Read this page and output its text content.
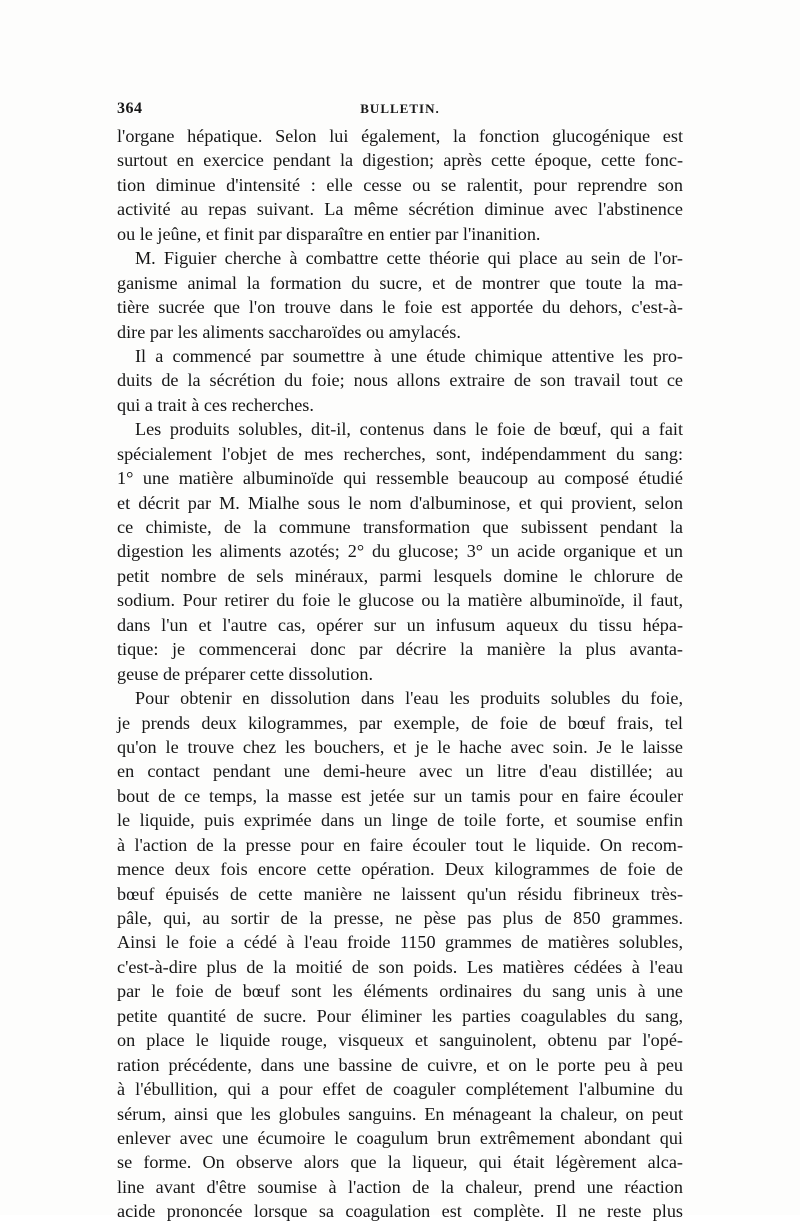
364	BULLETIN.
l'organe hépatique. Selon lui également, la fonction glucogénique est
surtout en exercice pendant la digestion; après cette époque, cette fonc-
tion diminue d'intensité : elle cesse ou se ralentit, pour reprendre son
activité au repas suivant. La même sécrétion diminue avec l'abstinence
ou le jeûne, et finit par disparaître en entier par l'inanition.
M. Figuier cherche à combattre cette théorie qui place au sein de l'or-
ganisme animal la formation du sucre, et de montrer que toute la ma-
tière sucrée que l'on trouve dans le foie est apportée du dehors, c'est-à-
dire par les aliments saccharoïdes ou amylacés.
Il a commencé par soumettre à une étude chimique attentive les pro-
duits de la sécrétion du foie; nous allons extraire de son travail tout ce
qui a trait à ces recherches.
Les produits solubles, dit-il, contenus dans le foie de bœuf, qui a fait
spécialement l'objet de mes recherches, sont, indépendamment du sang:
1° une matière albuminoïde qui ressemble beaucoup au composé étudié
et décrit par M. Mialhe sous le nom d'albuminose, et qui provient, selon
ce chimiste, de la commune transformation que subissent pendant la
digestion les aliments azotés; 2° du glucose; 3° un acide organique et un
petit nombre de sels minéraux, parmi lesquels domine le chlorure de
sodium. Pour retirer du foie le glucose ou la matière albuminoïde, il faut,
dans l'un et l'autre cas, opérer sur un infusum aqueux du tissu hépa-
tique: je commencerai donc par décrire la manière la plus avanta-
geuse de préparer cette dissolution.
Pour obtenir en dissolution dans l'eau les produits solubles du foie,
je prends deux kilogrammes, par exemple, de foie de bœuf frais, tel
qu'on le trouve chez les bouchers, et je le hache avec soin. Je le laisse
en contact pendant une demi-heure avec un litre d'eau distillée; au
bout de ce temps, la masse est jetée sur un tamis pour en faire écouler
le liquide, puis exprimée dans un linge de toile forte, et soumise enfin
à l'action de la presse pour en faire écouler tout le liquide. On recom-
mence deux fois encore cette opération. Deux kilogrammes de foie de
bœuf épuisés de cette manière ne laissent qu'un résidu fibrineux très-
pâle, qui, au sortir de la presse, ne pèse pas plus de 850 grammes.
Ainsi le foie a cédé à l'eau froide 1150 grammes de matières solubles,
c'est-à-dire plus de la moitié de son poids. Les matières cédées à l'eau
par le foie de bœuf sont les éléments ordinaires du sang unis à une
petite quantité de sucre. Pour éliminer les parties coagulables du sang,
on place le liquide rouge, visqueux et sanguinolent, obtenu par l'opé-
ration précédente, dans une bassine de cuivre, et on le porte peu à peu
à l'ébullition, qui a pour effet de coaguler complétement l'albumine du
sérum, ainsi que les globules sanguins. En ménageant la chaleur, on peut
enlever avec une écumoire le coagulum brun extrêmement abondant qui
se forme. On observe alors que la liqueur, qui était légèrement alca-
line avant d'être soumise à l'action de la chaleur, prend une réaction
acide prononcée lorsque sa coagulation est complète. Il ne reste plus
